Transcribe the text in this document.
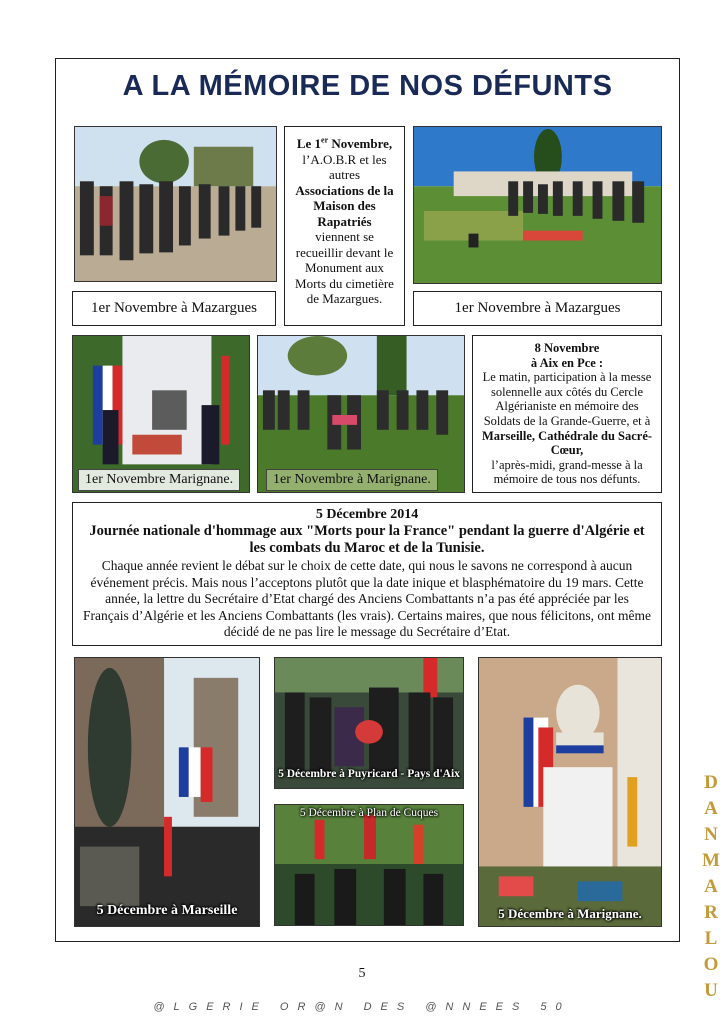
A LA MÉMOIRE DE NOS DÉFUNTS
Le 1er Novembre,
l’A.O.B.R et les autres
Associations de la Maison des Rapatriés
viennent se recueillir devant le Monument aux Morts du cimetière de Mazargues.
1er Novembre à Mazargues	1er Novembre à Mazargues
1er Novembre Marignane.	1er Novembre à Marignane.
8 Novembre
à Aix en Pce :
Le matin, participation à la messe solennelle aux côtés du Cercle Algérianiste en mémoire des Soldats de la Grande-Guerre, et à
Marseille, Cathédrale du Sacré-Cœur,
l’après-midi, grand-messe à la mémoire de tous nos défunts.
5 Décembre 2014
Journée nationale d'hommage aux "Morts pour la France" pendant la guerre d'Algérie et les combats du Maroc et de la Tunisie.
Chaque année revient le débat sur le choix de cette date, qui nous le savons ne correspond à aucun événement précis. Mais nous l’acceptons plutôt que la date inique et blasphématoire du 19 mars. Cette année, la lettre du Secrétaire d’Etat chargé des Anciens Combattants n’a pas été appréciée par les Français d’Algérie et les Anciens Combattants (les vrais). Certains maires, que nous félicitons, ont même décidé de ne pas lire le message du Secrétaire d’Etat.
5 Décembre à Marseille
5 Décembre à Puyricard - Pays d'Aix
5 Décembre à Plan de Cuques
5 Décembre à Marignane.
5
@LGERIE OR@N DES @NNEES 50
D
A
N
M
A
R
L
O
U
